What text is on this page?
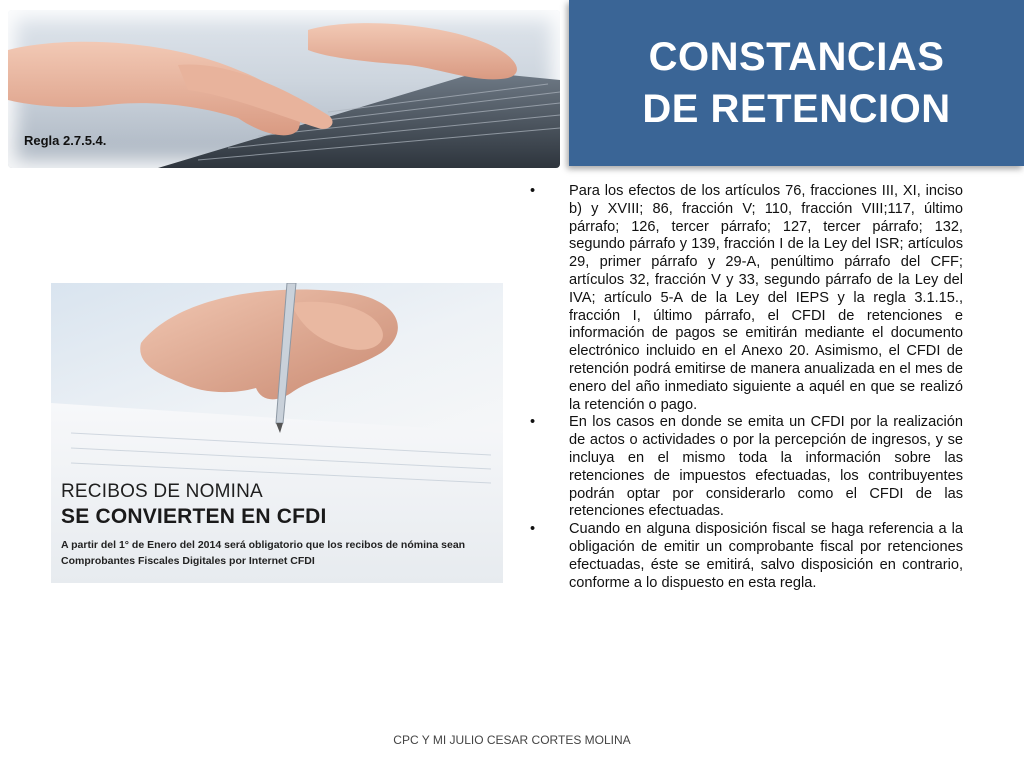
Regla 2.7.5.4.
CONSTANCIAS
DE RETENCION
RECIBOS DE NOMINA
SE CONVIERTEN EN CFDI
A partir del 1° de Enero del 2014 será obligatorio que los recibos de nómina sean
Comprobantes Fiscales Digitales por Internet CFDI
• Para los efectos de los artículos 76, fracciones III, XI, inciso b) y XVIII; 86, fracción V; 110, fracción VIII;117, último párrafo; 126, tercer párrafo; 127, tercer párrafo; 132, segundo párrafo y 139, fracción I de la Ley del ISR; artículos 29, primer párrafo y 29-A, penúltimo párrafo del CFF; artículos 32, fracción V y 33, segundo párrafo de la Ley del IVA; artículo 5-A de la Ley del IEPS y la regla 3.1.15., fracción I, último párrafo, el CFDI de retenciones e información de pagos se emitirán mediante el documento electrónico incluido en el Anexo 20. Asimismo, el CFDI de retención podrá emitirse de manera anualizada en el mes de enero del año inmediato siguiente a aquél en que se realizó la retención o pago.
• En los casos en donde se emita un CFDI por la realización de actos o actividades o por la percepción de ingresos, y se incluya en el mismo toda la información sobre las retenciones de impuestos efectuadas, los contribuyentes podrán optar por considerarlo como el CFDI de las retenciones efectuadas.
• Cuando en alguna disposición fiscal se haga referencia a la obligación de emitir un comprobante fiscal por retenciones efectuadas, éste se emitirá, salvo disposición en contrario, conforme a lo dispuesto en esta regla.
CPC Y MI JULIO CESAR CORTES MOLINA
